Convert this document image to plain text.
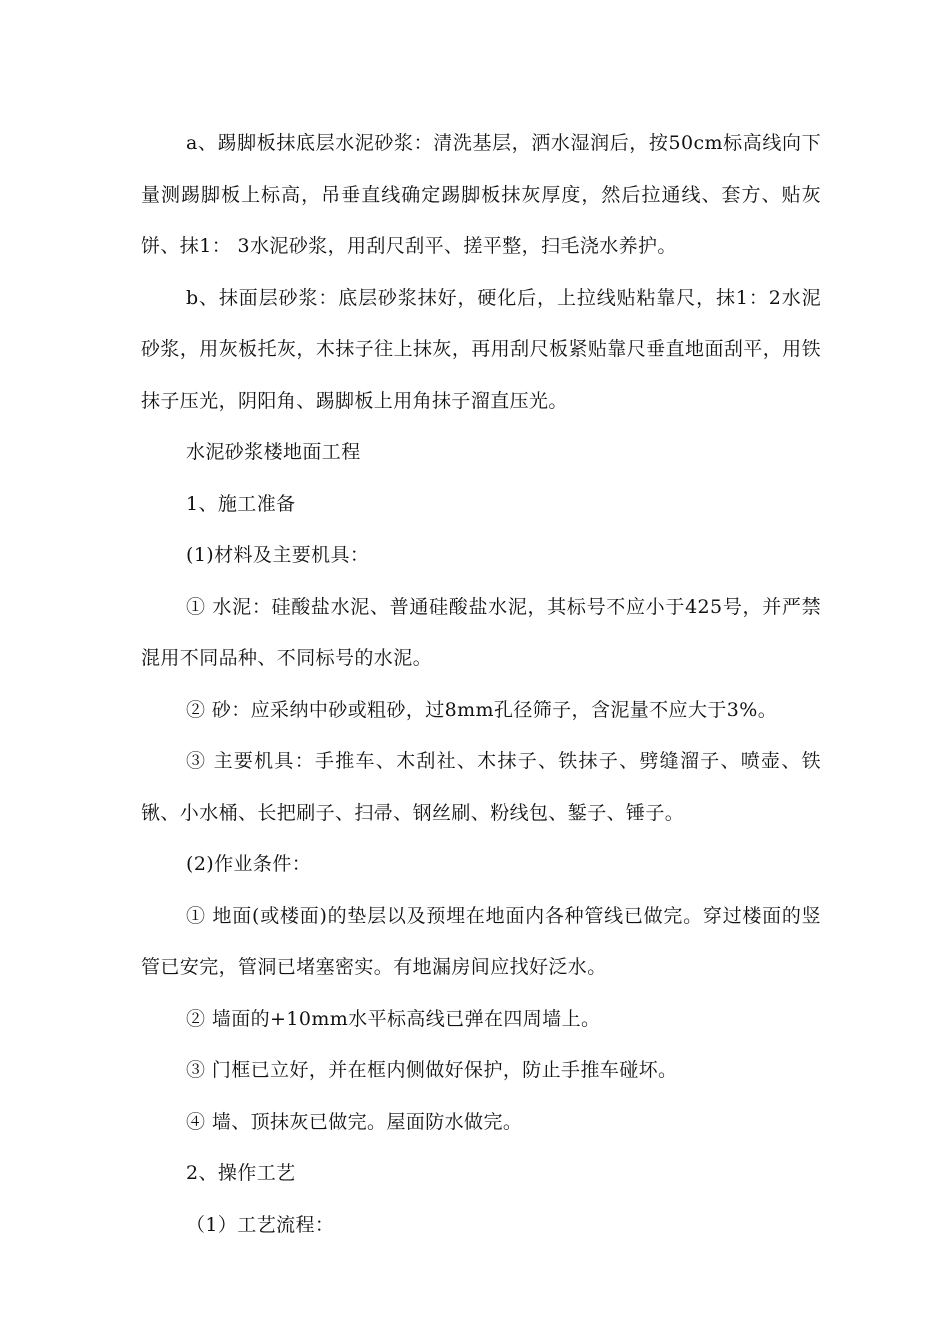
a、踢脚板抹底层水泥砂浆：清洗基层，洒水湿润后，按50cm标高线向下量测踢脚板上标高，吊垂直线确定踢脚板抹灰厚度，然后拉通线、套方、贴灰饼、抹1： 3水泥砂浆，用刮尺刮平、搓平整，扫毛浇水养护。

b、抹面层砂浆：底层砂浆抹好，硬化后，上拉线贴粘靠尺，抹1：2水泥砂浆，用灰板托灰，木抹子往上抹灰，再用刮尺板紧贴靠尺垂直地面刮平，用铁抹子压光，阴阳角、踢脚板上用角抹子溜直压光。

水泥砂浆楼地面工程

1、施工准备

(1)材料及主要机具：

① 水泥：硅酸盐水泥、普通硅酸盐水泥，其标号不应小于425号，并严禁混用不同品种、不同标号的水泥。

② 砂：应采纳中砂或粗砂，过8mm孔径筛子，含泥量不应大于3%。

③ 主要机具：手推车、木刮社、木抹子、铁抹子、劈缝溜子、喷壶、铁锹、小水桶、长把刷子、扫帚、钢丝刷、粉线包、錾子、锤子。

(2)作业条件：

① 地面(或楼面)的垫层以及预埋在地面内各种管线已做完。穿过楼面的竖管已安完，管洞已堵塞密实。有地漏房间应找好泛水。

② 墙面的+10mm水平标高线已弹在四周墙上。

③ 门框已立好，并在框内侧做好保护，防止手推车碰坏。

④ 墙、顶抹灰已做完。屋面防水做完。

2、操作工艺

（1）工艺流程：
